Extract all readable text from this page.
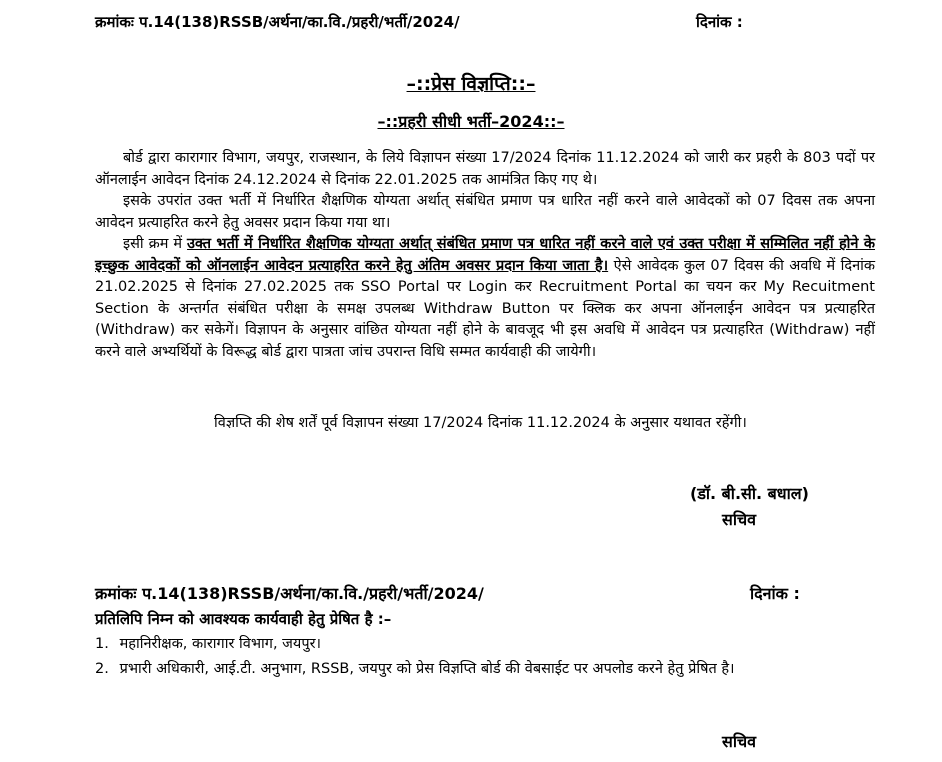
क्रमांकः प.14(138)RSSB/अर्थना/का.वि./प्रहरी/भर्ती/2024/	दिनांक :
–::प्रेस विज्ञप्ति::–
–::प्रहरी सीधी भर्ती–2024::–

बोर्ड द्वारा कारागार विभाग, जयपुर, राजस्थान, के लिये विज्ञापन संख्या 17/2024 दिनांक 11.12.2024 को जारी कर प्रहरी के 803 पदों पर ऑनलाईन आवेदन दिनांक 24.12.2024 से दिनांक 22.01.2025 तक आमंत्रित किए गए थे।

इसके उपरांत उक्त भर्ती में निर्धारित शैक्षणिक योग्यता अर्थात् संबंधित प्रमाण पत्र धारित नहीं करने वाले आवेदकों को 07 दिवस तक अपना आवेदन प्रत्याहरित करने हेतु अवसर प्रदान किया गया था।

इसी क्रम में उक्त भर्ती में निर्धारित शैक्षणिक योग्यता अर्थात् संबंधित प्रमाण पत्र धारित नहीं करने वाले एवं उक्त परीक्षा में सम्मिलित नहीं होने के इच्छुक आवेदकों को ऑनलाईन आवेदन प्रत्याहरित करने हेतु अंतिम अवसर प्रदान किया जाता है। ऐसे आवेदक कुल 07 दिवस की अवधि में दिनांक 21.02.2025 से दिनांक 27.02.2025 तक SSO Portal पर Login कर Recruitment Portal का चयन कर My Recuitment Section के अन्तर्गत संबंधित परीक्षा के समक्ष उपलब्ध Withdraw Button पर क्लिक कर अपना ऑनलाईन आवेदन पत्र प्रत्याहरित (Withdraw) कर सकेगें। विज्ञापन के अनुसार वांछित योग्यता नहीं होने के बावजूद भी इस अवधि में आवेदन पत्र प्रत्याहरित (Withdraw) नहीं करने वाले अभ्यर्थियों के विरूद्ध बोर्ड द्वारा पात्रता जांच उपरान्त विधि सम्मत कार्यवाही की जायेगी।

विज्ञप्ति की शेष शर्तें पूर्व विज्ञापन संख्या 17/2024 दिनांक 11.12.2024 के अनुसार यथावत रहेंगी।
(डॉ. बी.सी. बधाल)
सचिव
क्रमांकः प.14(138)RSSB/अर्थना/का.वि./प्रहरी/भर्ती/2024/	दिनांक :
प्रतिलिपि निम्न को आवश्यक कार्यवाही हेतु प्रेषित है :–
1. महानिरीक्षक, कारागार विभाग, जयपुर।
2. प्रभारी अधिकारी, आई.टी. अनुभाग, RSSB, जयपुर को प्रेस विज्ञप्ति बोर्ड की वेबसाईट पर अपलोड करने हेतु प्रेषित है।
सचिव
